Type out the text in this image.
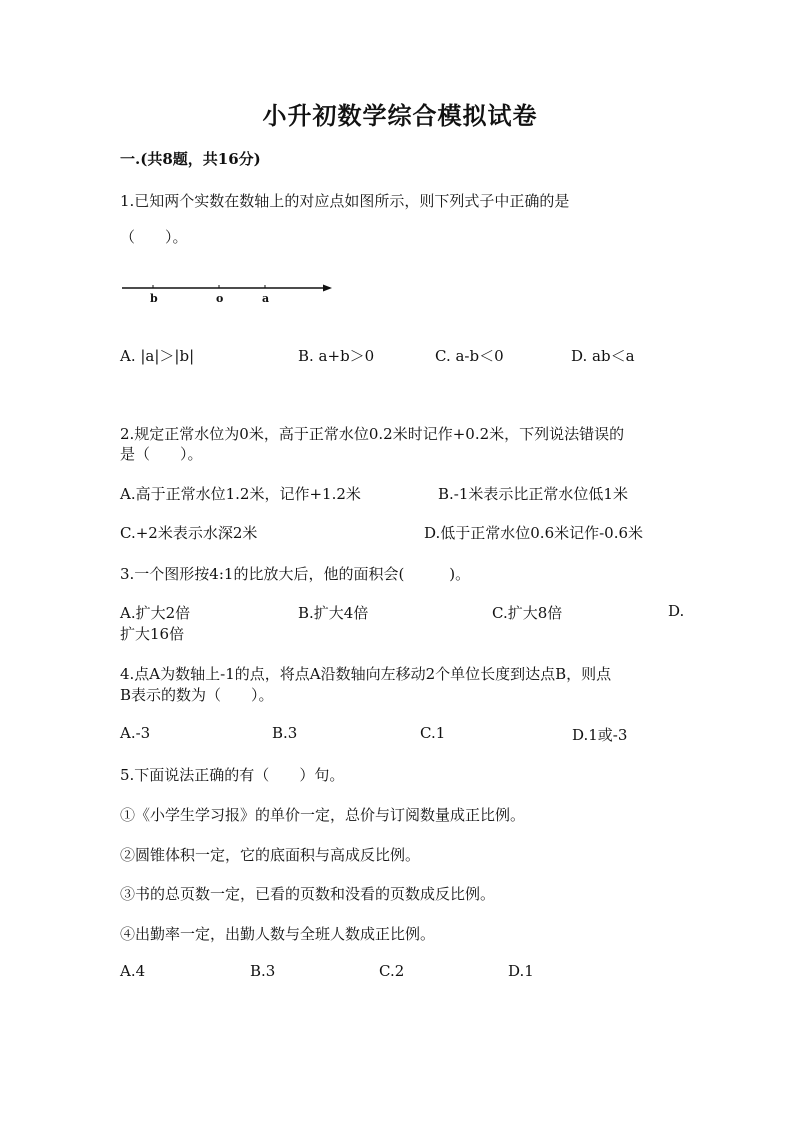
小升初数学综合模拟试卷
一.(共8题，共16分)
1.已知两个实数在数轴上的对应点如图所示，则下列式子中正确的是
（　　）。
b	o	a
A. |a|＞|b|	B. a+b＞0	C. a-b＜0	D. ab＜a
2.规定正常水位为0米，高于正常水位0.2米时记作+0.2米，下列说法错误的
是（　　）。
A.高于正常水位1.2米，记作+1.2米	B.-1米表示比正常水位低1米
C.+2米表示水深2米	D.低于正常水位0.6米记作-0.6米
3.一个图形按4:1的比放大后，他的面积会(　　　)。
A.扩大2倍	B.扩大4倍	C.扩大8倍	D.
扩大16倍
4.点A为数轴上-1的点，将点A沿数轴向左移动2个单位长度到达点B，则点
B表示的数为（　　）。
A.-3	B.3	C.1	D.1或-3
5.下面说法正确的有（　　）句。
①《小学生学习报》的单价一定，总价与订阅数量成正比例。
②圆锥体积一定，它的底面积与高成反比例。
③书的总页数一定，已看的页数和没看的页数成反比例。
④出勤率一定，出勤人数与全班人数成正比例。
A.4	B.3	C.2	D.1
